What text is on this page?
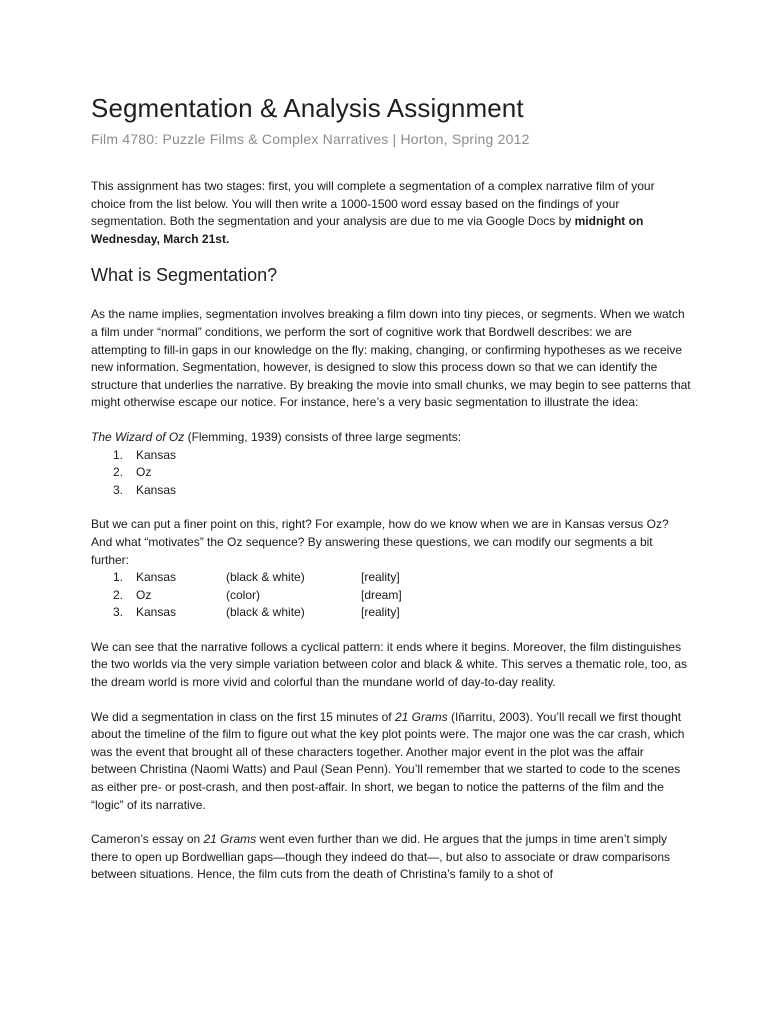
Segmentation & Analysis Assignment
Film 4780: Puzzle Films & Complex Narratives | Horton, Spring 2012

This assignment has two stages: first, you will complete a segmentation of a complex narrative film of your choice from the list below. You will then write a 1000-1500 word essay based on the findings of your segmentation. Both the segmentation and your analysis are due to me via Google Docs by midnight on Wednesday, March 21st.

What is Segmentation?

As the name implies, segmentation involves breaking a film down into tiny pieces, or segments. When we watch a film under “normal” conditions, we perform the sort of cognitive work that Bordwell describes: we are attempting to fill-in gaps in our knowledge on the fly: making, changing, or confirming hypotheses as we receive new information. Segmentation, however, is designed to slow this process down so that we can identify the structure that underlies the narrative. By breaking the movie into small chunks, we may begin to see patterns that might otherwise escape our notice. For instance, here’s a very basic segmentation to illustrate the idea:

The Wizard of Oz (Flemming, 1939) consists of three large segments:

1. Kansas
2. Oz
3. Kansas

But we can put a finer point on this, right? For example, how do we know when we are in Kansas versus Oz? And what “motivates” the Oz sequence? By answering these questions, we can modify our segments a bit further:

1. Kansas	(black & white)	[reality]
2. Oz	(color)	[dream]
3. Kansas	(black & white)	[reality]

We can see that the narrative follows a cyclical pattern: it ends where it begins. Moreover, the film distinguishes the two worlds via the very simple variation between color and black & white. This serves a thematic role, too, as the dream world is more vivid and colorful than the mundane world of day-to-day reality.

We did a segmentation in class on the first 15 minutes of 21 Grams (Iñarritu, 2003). You’ll recall we first thought about the timeline of the film to figure out what the key plot points were. The major one was the car crash, which was the event that brought all of these characters together. Another major event in the plot was the affair between Christina (Naomi Watts) and Paul (Sean Penn). You’ll remember that we started to code to the scenes as either pre- or post-crash, and then post-affair. In short, we began to notice the patterns of the film and the “logic” of its narrative.

Cameron’s essay on 21 Grams went even further than we did. He argues that the jumps in time aren’t simply there to open up Bordwellian gaps—though they indeed do that—, but also to associate or draw comparisons between situations. Hence, the film cuts from the death of Christina’s family to a shot of
